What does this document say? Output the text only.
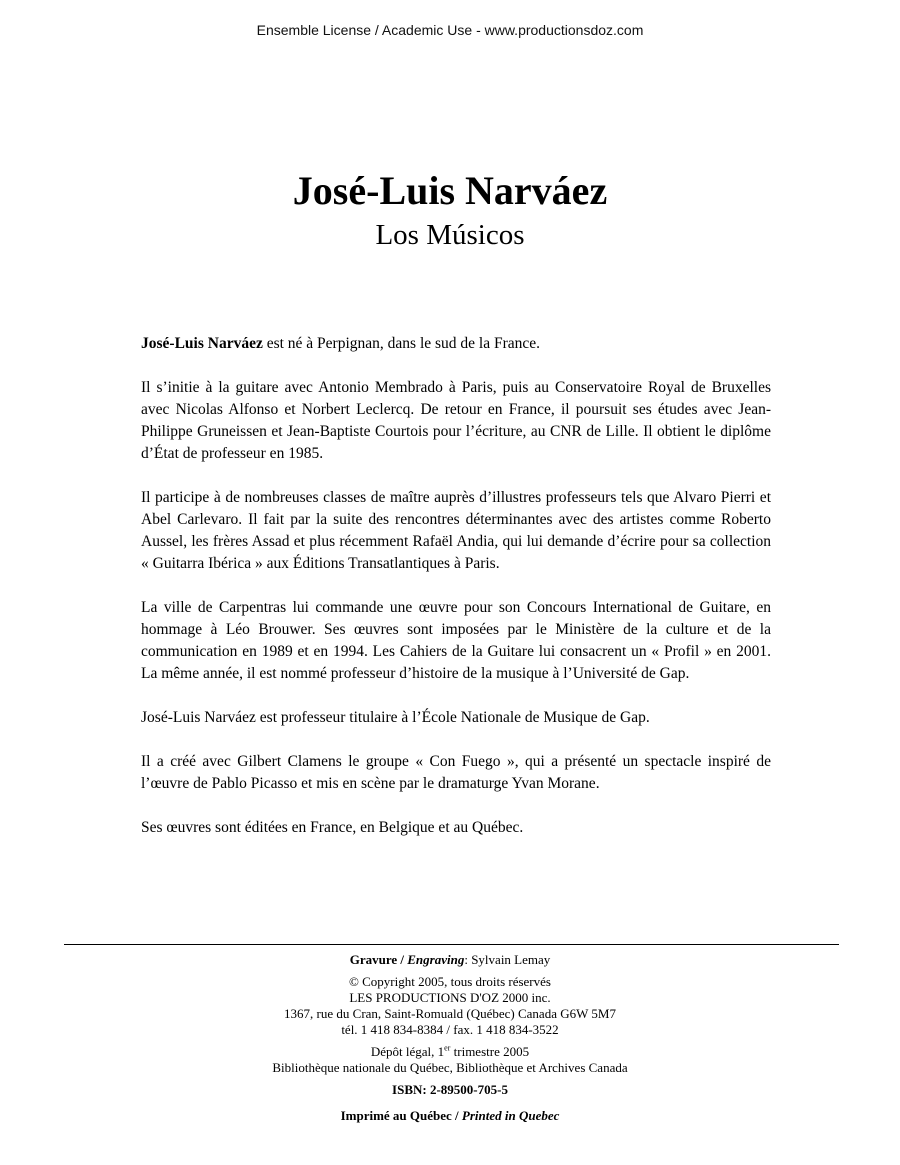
Ensemble License / Academic Use - www.productionsdoz.com
José-Luis Narváez
Los Músicos

José-Luis Narváez est né à Perpignan, dans le sud de la France.

Il s’initie à la guitare avec Antonio Membrado à Paris, puis au Conservatoire Royal de Bruxelles avec Nicolas Alfonso et Norbert Leclercq. De retour en France, il poursuit ses études avec Jean-Philippe Gruneissen et Jean-Baptiste Courtois pour l’écriture, au CNR de Lille. Il obtient le diplôme d’État de professeur en 1985.

Il participe à de nombreuses classes de maître auprès d’illustres professeurs tels que Alvaro Pierri et Abel Carlevaro. Il fait par la suite des rencontres déterminantes avec des artistes comme Roberto Aussel, les frères Assad et plus récemment Rafaël Andia, qui lui demande d’écrire pour sa collection « Guitarra Ibérica » aux Éditions Transatlantiques à Paris.

La ville de Carpentras lui commande une œuvre pour son Concours International de Guitare, en hommage à Léo Brouwer. Ses œuvres sont imposées par le Ministère de la culture et de la communication en 1989 et en 1994. Les Cahiers de la Guitare lui consacrent un « Profil » en 2001. La même année, il est nommé professeur d’histoire de la musique à l’Université de Gap.

José-Luis Narváez est professeur titulaire à l’École Nationale de Musique de Gap.

Il a créé avec Gilbert Clamens le groupe « Con Fuego », qui a présenté un spectacle inspiré de l’œuvre de Pablo Picasso et mis en scène par le dramaturge Yvan Morane.

Ses œuvres sont éditées en France, en Belgique et au Québec.

Gravure / Engraving: Sylvain Lemay
© Copyright 2005, tous droits réservés
LES PRODUCTIONS D'OZ 2000 inc.
1367, rue du Cran, Saint-Romuald (Québec) Canada G6W 5M7
tél. 1 418 834-8384 / fax. 1 418 834-3522
Dépôt légal, 1er trimestre 2005
Bibliothèque nationale du Québec, Bibliothèque et Archives Canada
ISBN: 2-89500-705-5
Imprimé au Québec / Printed in Quebec
